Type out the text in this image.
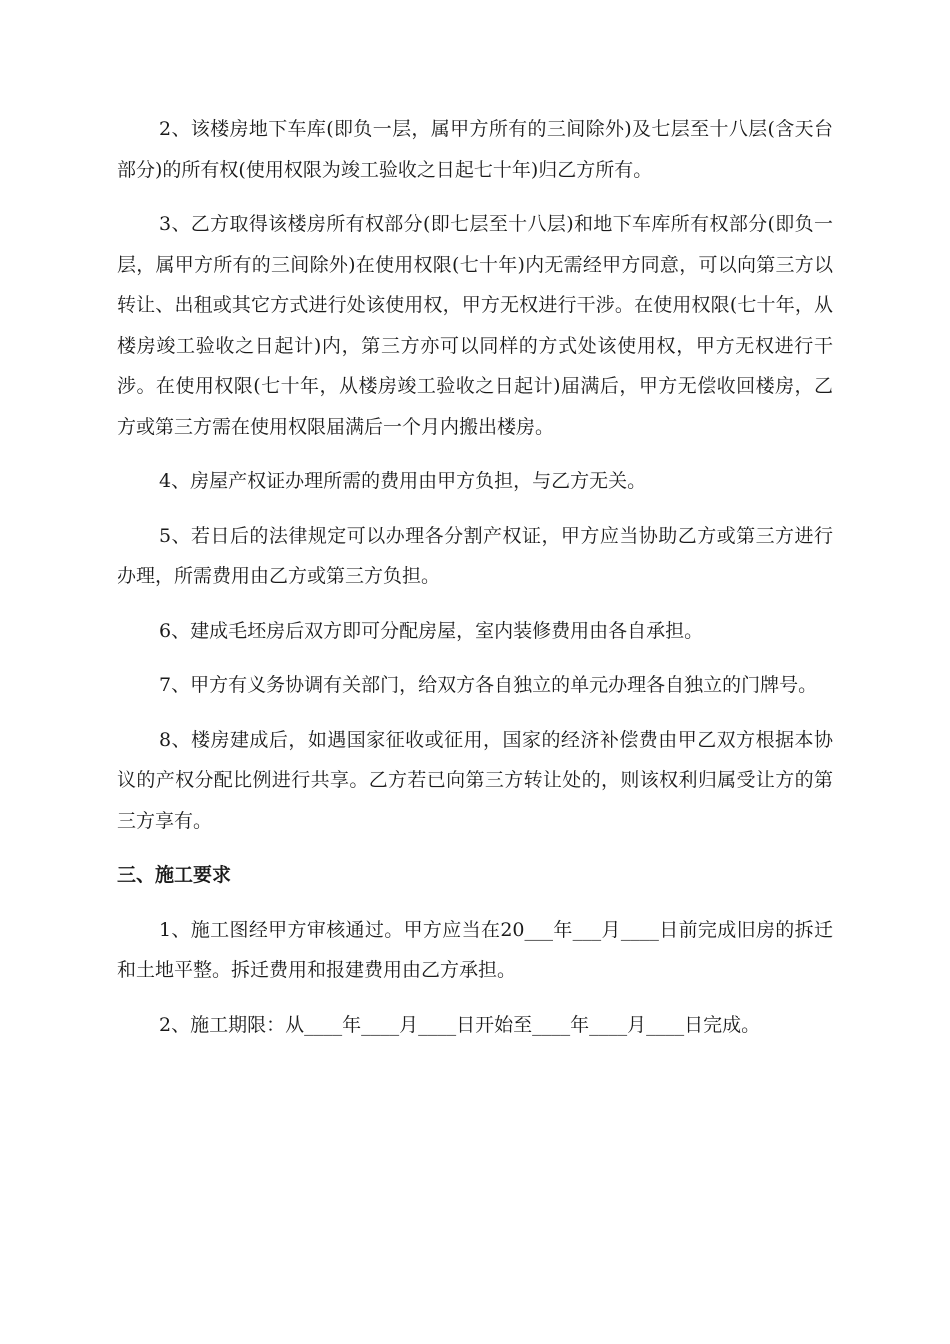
2、该楼房地下车库(即负一层，属甲方所有的三间除外)及七层至十八层(含天台部分)的所有权(使用权限为竣工验收之日起七十年)归乙方所有。

3、乙方取得该楼房所有权部分(即七层至十八层)和地下车库所有权部分(即负一层，属甲方所有的三间除外)在使用权限(七十年)内无需经甲方同意，可以向第三方以转让、出租或其它方式进行处该使用权，甲方无权进行干涉。在使用权限(七十年，从楼房竣工验收之日起计)内，第三方亦可以同样的方式处该使用权，甲方无权进行干涉。在使用权限(七十年，从楼房竣工验收之日起计)届满后，甲方无偿收回楼房，乙方或第三方需在使用权限届满后一个月内搬出楼房。

4、房屋产权证办理所需的费用由甲方负担，与乙方无关。

5、若日后的法律规定可以办理各分割产权证，甲方应当协助乙方或第三方进行办理，所需费用由乙方或第三方负担。

6、建成毛坯房后双方即可分配房屋，室内装修费用由各自承担。

7、甲方有义务协调有关部门，给双方各自独立的单元办理各自独立的门牌号。

8、楼房建成后，如遇国家征收或征用，国家的经济补偿费由甲乙双方根据本协议的产权分配比例进行共享。乙方若已向第三方转让处的，则该权利归属受让方的第三方享有。

三、施工要求

1、施工图经甲方审核通过。甲方应当在20___年___月____日前完成旧房的拆迁和土地平整。拆迁费用和报建费用由乙方承担。

2、施工期限：从____年____月____日开始至____年____月____日完成。
